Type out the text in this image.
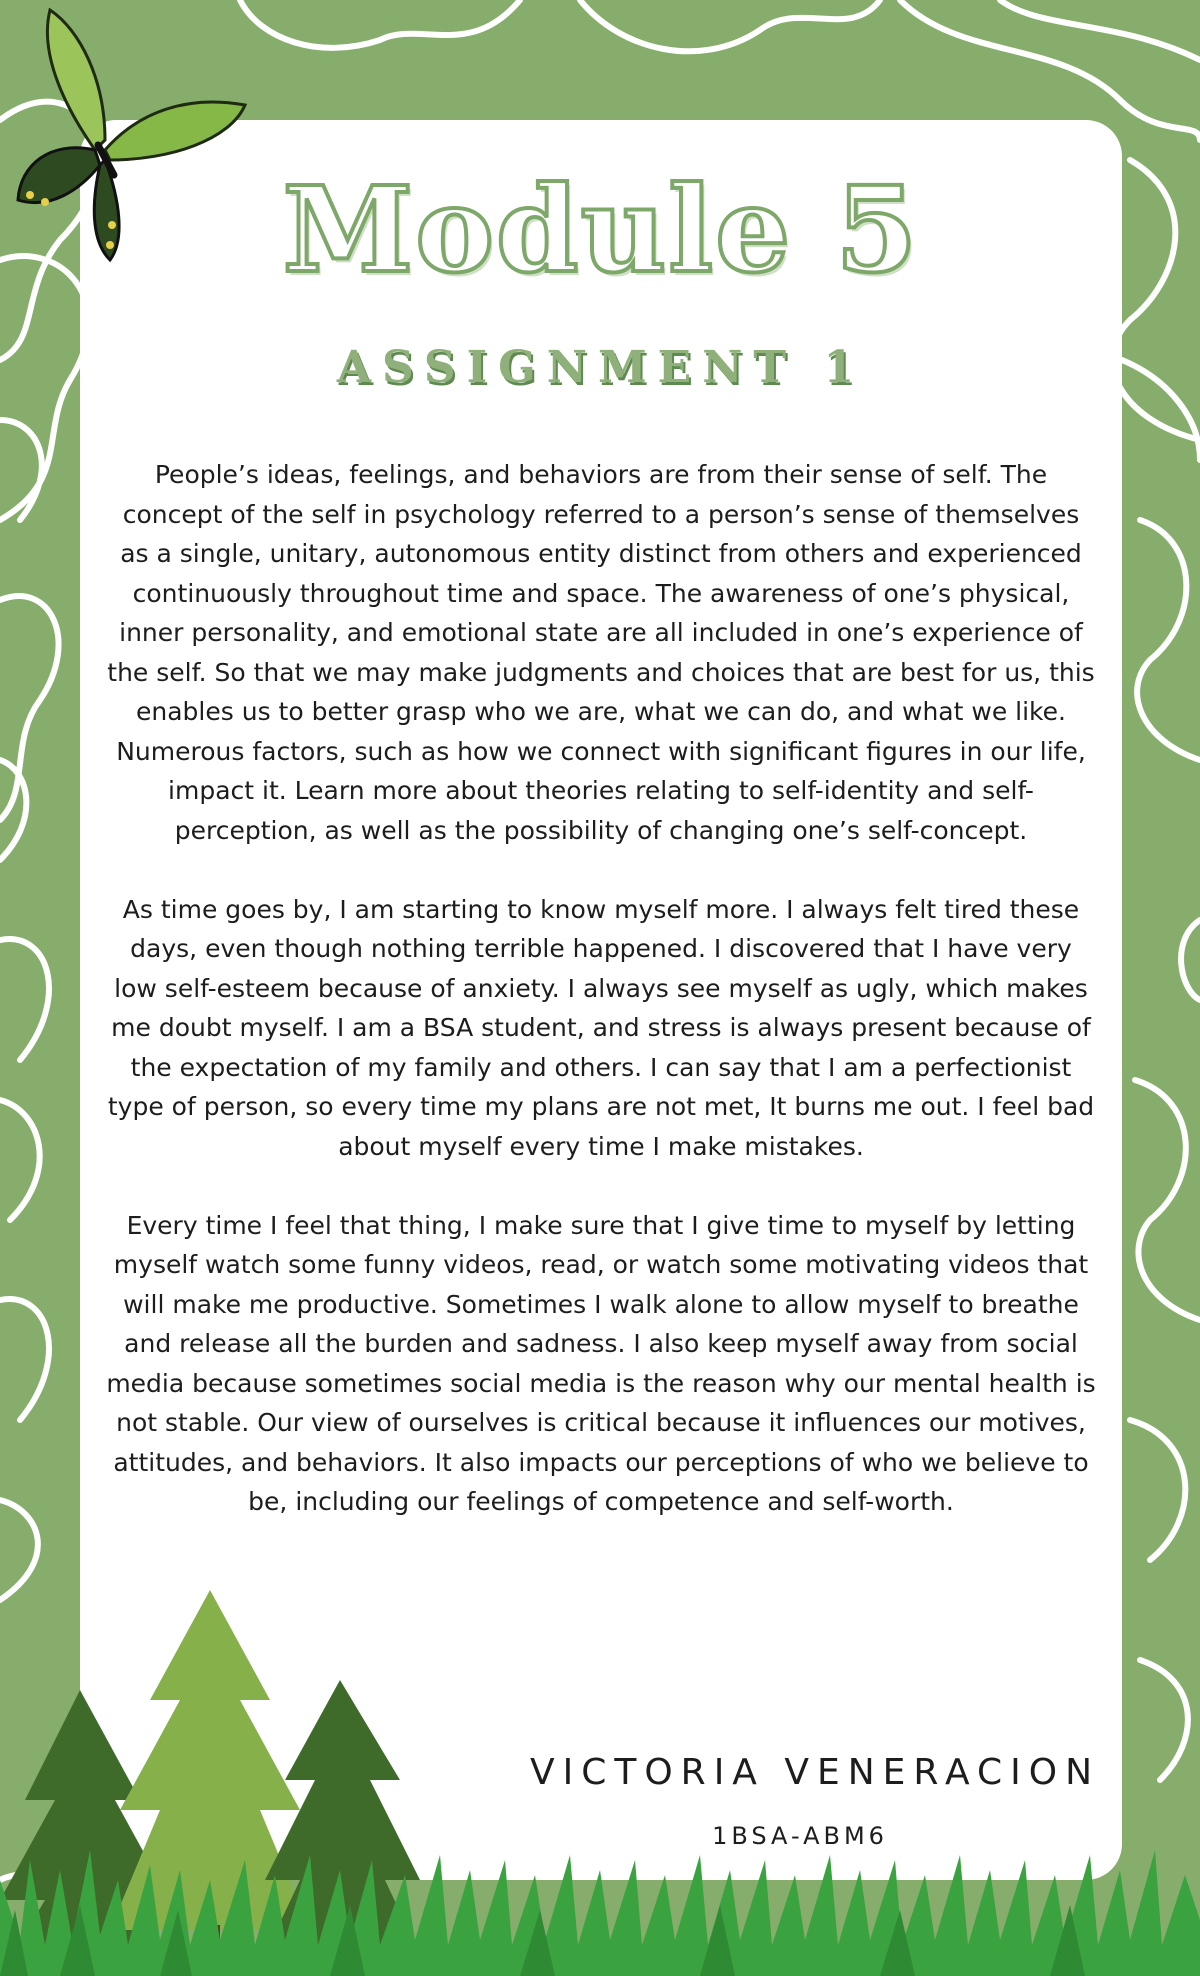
Module 5
ASSIGNMENT 1

People’s ideas, feelings, and behaviors are from their sense of self. The concept of the self in psychology referred to a person’s sense of themselves as a single, unitary, autonomous entity distinct from others and experienced continuously throughout time and space. The awareness of one’s physical, inner personality, and emotional state are all included in one’s experience of the self. So that we may make judgments and choices that are best for us, this enables us to better grasp who we are, what we can do, and what we like. Numerous factors, such as how we connect with significant figures in our life, impact it. Learn more about theories relating to self-identity and self-perception, as well as the possibility of changing one’s self-concept.

As time goes by, I am starting to know myself more. I always felt tired these days, even though nothing terrible happened. I discovered that I have very low self-esteem because of anxiety. I always see myself as ugly, which makes me doubt myself. I am a BSA student, and stress is always present because of the expectation of my family and others. I can say that I am a perfectionist type of person, so every time my plans are not met, It burns me out. I feel bad about myself every time I make mistakes.

Every time I feel that thing, I make sure that I give time to myself by letting myself watch some funny videos, read, or watch some motivating videos that will make me productive. Sometimes I walk alone to allow myself to breathe and release all the burden and sadness. I also keep myself away from social media because sometimes social media is the reason why our mental health is not stable. Our view of ourselves is critical because it influences our motives, attitudes, and behaviors. It also impacts our perceptions of who we believe to be, including our feelings of competence and self-worth.

VICTORIA VENERACION

1BSA-ABM6
